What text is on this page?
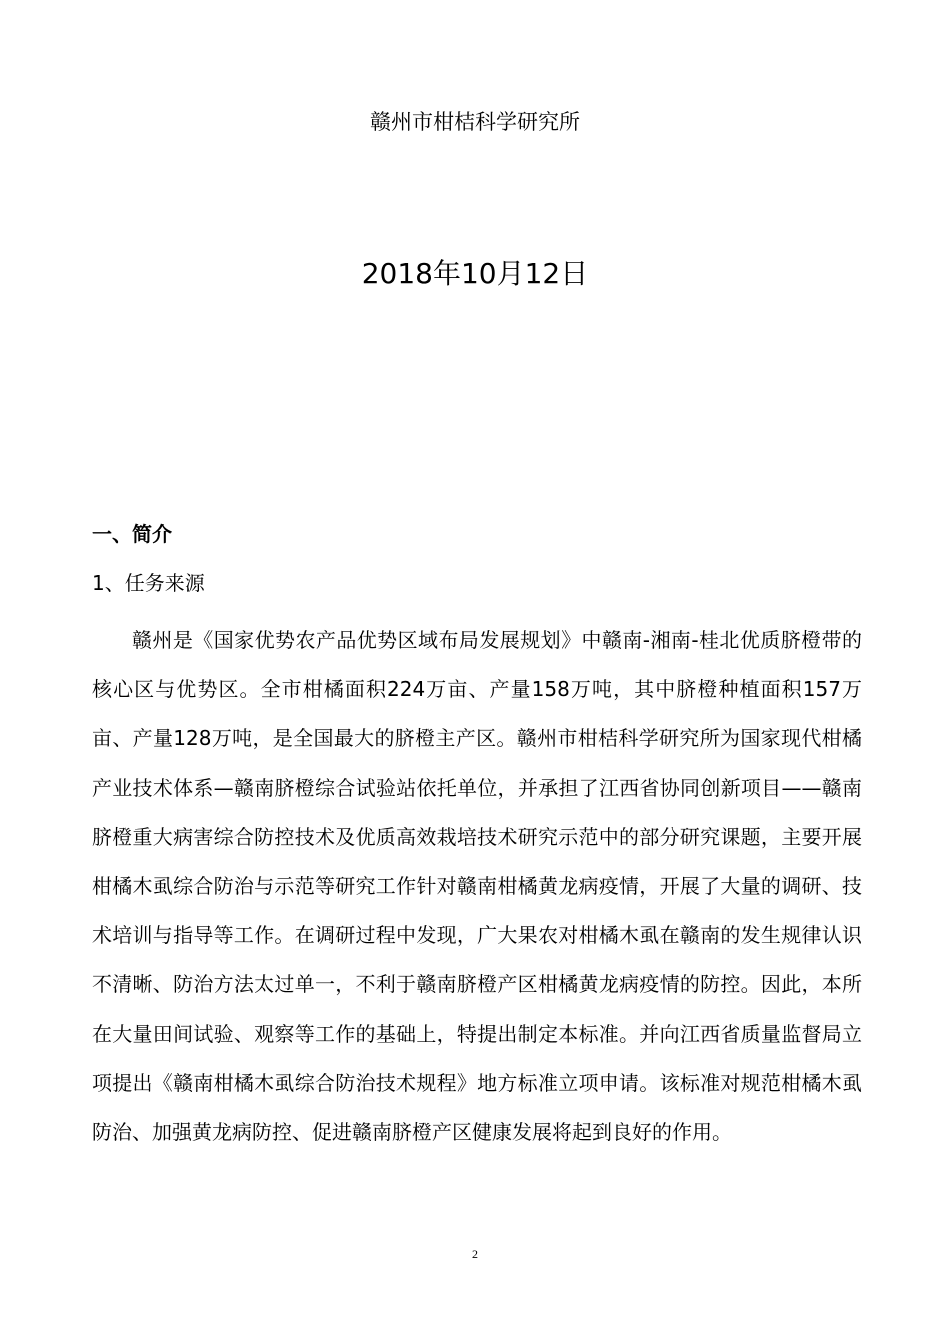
赣州市柑桔科学研究所
2018年10月12日
一、简介
1、任务来源

赣州是《国家优势农产品优势区域布局发展规划》中赣南-湘南-桂北优质脐橙带的核心区与优势区。全市柑橘面积224万亩、产量158万吨，其中脐橙种植面积157万亩、产量128万吨，是全国最大的脐橙主产区。赣州市柑桔科学研究所为国家现代柑橘产业技术体系—赣南脐橙综合试验站依托单位，并承担了江西省协同创新项目——赣南脐橙重大病害综合防控技术及优质高效栽培技术研究示范中的部分研究课题，主要开展柑橘木虱综合防治与示范等研究工作针对赣南柑橘黄龙病疫情，开展了大量的调研、技术培训与指导等工作。在调研过程中发现，广大果农对柑橘木虱在赣南的发生规律认识不清晰、防治方法太过单一，不利于赣南脐橙产区柑橘黄龙病疫情的防控。因此，本所在大量田间试验、观察等工作的基础上，特提出制定本标准。并向江西省质量监督局立项提出《赣南柑橘木虱综合防治技术规程》地方标准立项申请。该标准对规范柑橘木虱防治、加强黄龙病防控、促进赣南脐橙产区健康发展将起到良好的作用。

2
